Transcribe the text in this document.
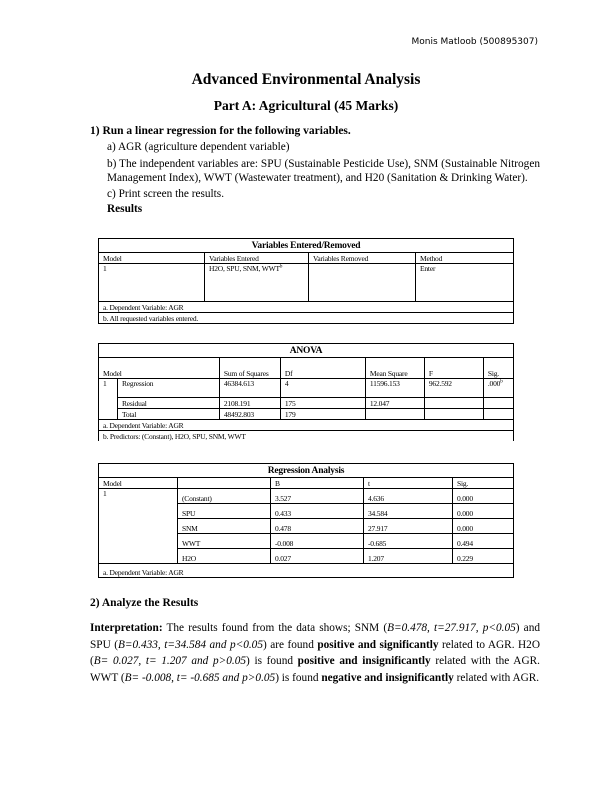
Monis Matloob (500895307)
Advanced Environmental Analysis
Part A: Agricultural (45 Marks)
1) Run a linear regression for the following variables.
a) AGR (agriculture dependent variable)
b) The independent variables are: SPU (Sustainable Pesticide Use), SNM (Sustainable Nitrogen Management Index), WWT (Wastewater treatment), and H20 (Sanitation & Drinking Water).
c) Print screen the results.
Results
Variables Entered/Removed			
Model	Variables Entered	Variables Removed	Method
1	H2O, SPU, SNM, WWT$^b$		Enter
a. Dependent Variable: AGR			
b. All requested variables entered.			
ANOVA						
Model		Sum of Squares	Df	Mean Square	F	Sig.
1	Regression	46384.613	4	11596.153	962.592	.000$^b$
	Residual	2108.191	175	12.047		
	Total	48492.803	179			
a. Dependent Variable: AGR						
b. Predictors: (Constant), H2O, SPU, SNM, WWT						
Regression Analysis				
Model		B	t	Sig.
1	(Constant)	3.527	4.636	0.000
	SPU	0.433	34.584	0.000
	SNM	0.478	27.917	0.000
	WWT	-0.008	-0.685	0.494
	H2O	0.027	1.207	0.229
a. Dependent Variable: AGR				
2) Analyze the Results
Interpretation: The results found from the data shows; SNM (B=0.478, t=27.917, p<0.05) and SPU (B=0.433, t=34.584 and p<0.05) are found positive and significantly related to AGR. H2O (B= 0.027, t= 1.207 and p>0.05) is found positive and insignificantly related with the AGR. WWT (B= -0.008, t= -0.685 and p>0.05) is found negative and insignificantly related with AGR.
